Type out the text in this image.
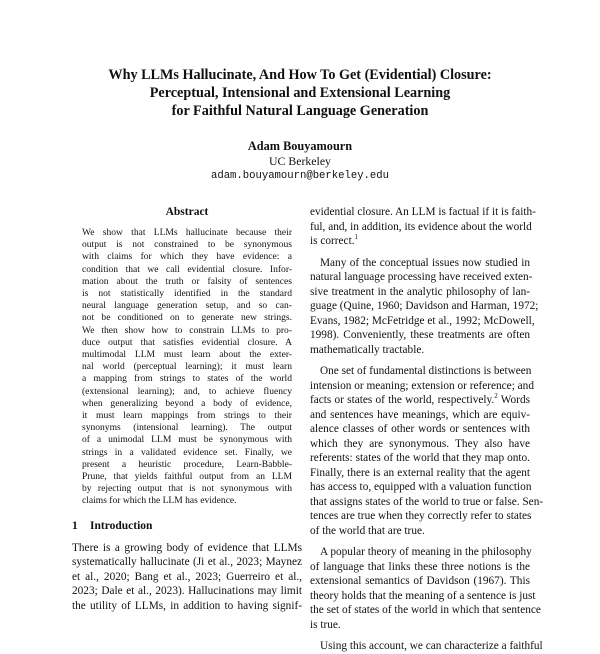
Why LLMs Hallucinate, And How To Get (Evidential) Closure:
Perceptual, Intensional and Extensional Learning
for Faithful Natural Language Generation
Adam Bouyamourn
UC Berkeley
adam.bouyamourn@berkeley.edu
Abstract
We show that LLMs hallucinate because their
output is not constrained to be synonymous
with claims for which they have evidence: a
condition that we call evidential closure. Infor-
mation about the truth or falsity of sentences
is not statistically identified in the standard
neural language generation setup, and so can-
not be conditioned on to generate new strings.
We then show how to constrain LLMs to pro-
duce output that satisfies evidential closure. A
multimodal LLM must learn about the exter-
nal world (perceptual learning); it must learn
a mapping from strings to states of the world
(extensional learning); and, to achieve fluency
when generalizing beyond a body of evidence,
it must learn mappings from strings to their
synonyms (intensional learning). The output
of a unimodal LLM must be synonymous with
strings in a validated evidence set. Finally, we
present a heuristic procedure, Learn-Babble-
Prune, that yields faithful output from an LLM
by rejecting output that is not synonymous with
claims for which the LLM has evidence.
1 Introduction
There is a growing body of evidence that LLMs
systematically hallucinate (Ji et al., 2023; Maynez
et al., 2020; Bang et al., 2023; Guerreiro et al.,
2023; Dale et al., 2023). Hallucinations may limit
the utility of LLMs, in addition to having signif-
evidential closure. An LLM is factual if it is faith-
ful, and, in addition, its evidence about the world
is correct.$^1$
Many of the conceptual issues now studied in
natural language processing have received exten-
sive treatment in the analytic philosophy of lan-
guage (Quine, 1960; Davidson and Harman, 1972;
Evans, 1982; McFetridge et al., 1992; McDowell,
1998). Conveniently, these treatments are often
mathematically tractable.
One set of fundamental distinctions is between
intension or meaning; extension or reference; and
facts or states of the world, respectively.$^2$ Words
and sentences have meanings, which are equiv-
alence classes of other words or sentences with
which they are synonymous. They also have
referents: states of the world that they map onto.
Finally, there is an external reality that the agent
has access to, equipped with a valuation function
that assigns states of the world to true or false. Sen-
tences are true when they correctly refer to states
of the world that are true.
A popular theory of meaning in the philosophy
of language that links these three notions is the
extensional semantics of Davidson (1967). This
theory holds that the meaning of a sentence is just
the set of states of the world in which that sentence
is true.
Using this account, we can characterize a faithful
